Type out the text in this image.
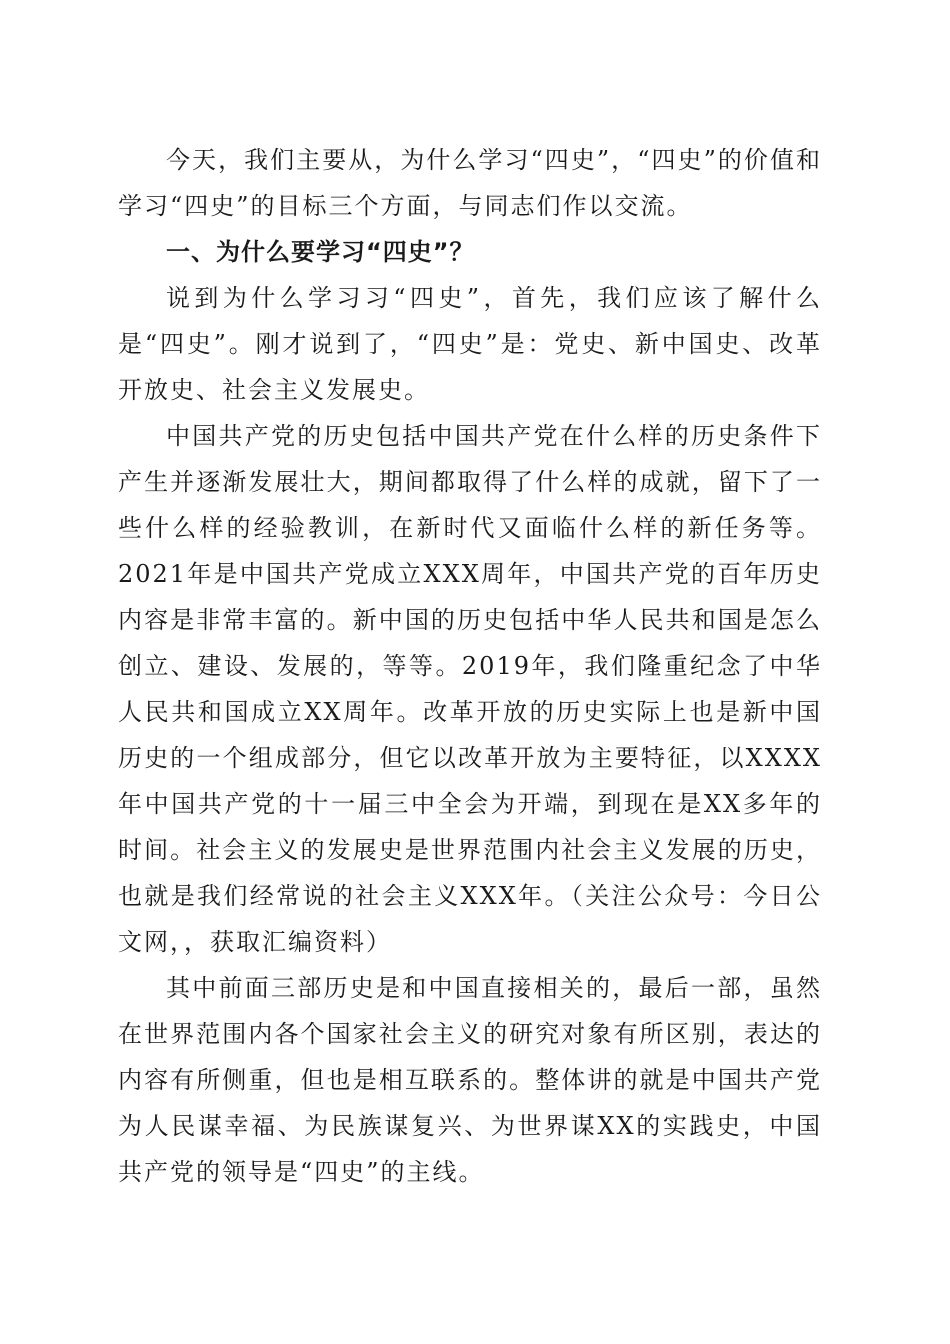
今天，我们主要从，为什么学习“四史”，“四史”的价值和学习“四史”的目标三个方面，与同志们作以交流。

一、为什么要学习“四史”？

说到为什么学习习“四史”，首先，我们应该了解什么是“四史”。刚才说到了，“四史”是：党史、新中国史、改革开放史、社会主义发展史。

中国共产党的历史包括中国共产党在什么样的历史条件下产生并逐渐发展壮大，期间都取得了什么样的成就，留下了一些什么样的经验教训，在新时代又面临什么样的新任务等。2021年是中国共产党成立XXX周年，中国共产党的百年历史内容是非常丰富的。新中国的历史包括中华人民共和国是怎么创立、建设、发展的，等等。2019年，我们隆重纪念了中华人民共和国成立XX周年。改革开放的历史实际上也是新中国历史的一个组成部分，但它以改革开放为主要特征，以XXXX年中国共产党的十一届三中全会为开端，到现在是XX多年的时间。社会主义的发展史是世界范围内社会主义发展的历史，也就是我们经常说的社会主义XXX年。（关注公众号：今日公文网，，获取汇编资料）

其中前面三部历史是和中国直接相关的，最后一部，虽然在世界范围内各个国家社会主义的研究对象有所区别，表达的内容有所侧重，但也是相互联系的。整体讲的就是中国共产党为人民谋幸福、为民族谋复兴、为世界谋XX的实践史，中国共产党的领导是“四史”的主线。
